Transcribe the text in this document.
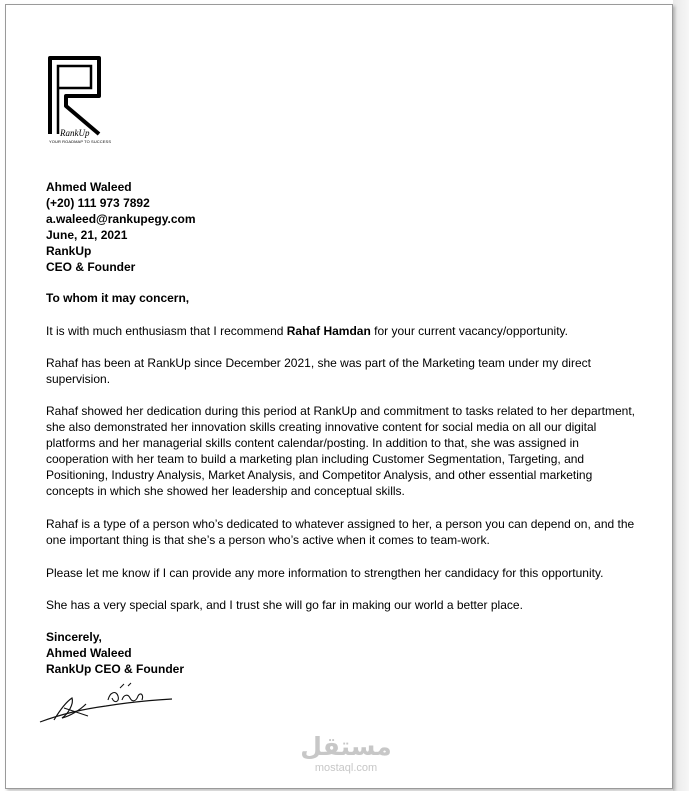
RankUp
YOUR ROADMAP TO SUCCESS
Ahmed Waleed
(+20) 111 973 7892
a.waleed@rankupegy.com
June, 21, 2021
RankUp
CEO & Founder
To whom it may concern,
It is with much enthusiasm that I recommend Rahaf Hamdan for your current vacancy/opportunity.
Rahaf has been at RankUp since December 2021, she was part of the Marketing team under my direct supervision.
Rahaf showed her dedication during this period at RankUp and commitment to tasks related to her department, she also demonstrated her innovation skills creating innovative content for social media on all our digital platforms and her managerial skills content calendar/posting. In addition to that, she was assigned in cooperation with her team to build a marketing plan including Customer Segmentation, Targeting, and Positioning, Industry Analysis, Market Analysis, and Competitor Analysis, and other essential marketing concepts in which she showed her leadership and conceptual skills.
Rahaf is a type of a person who’s dedicated to whatever assigned to her, a person you can depend on, and the one important thing is that she’s a person who’s active when it comes to team-work.
Please let me know if I can provide any more information to strengthen her candidacy for this opportunity.
She has a very special spark, and I trust she will go far in making our world a better place.
Sincerely,
Ahmed Waleed
RankUp CEO & Founder
مستقل
mostaql.com
